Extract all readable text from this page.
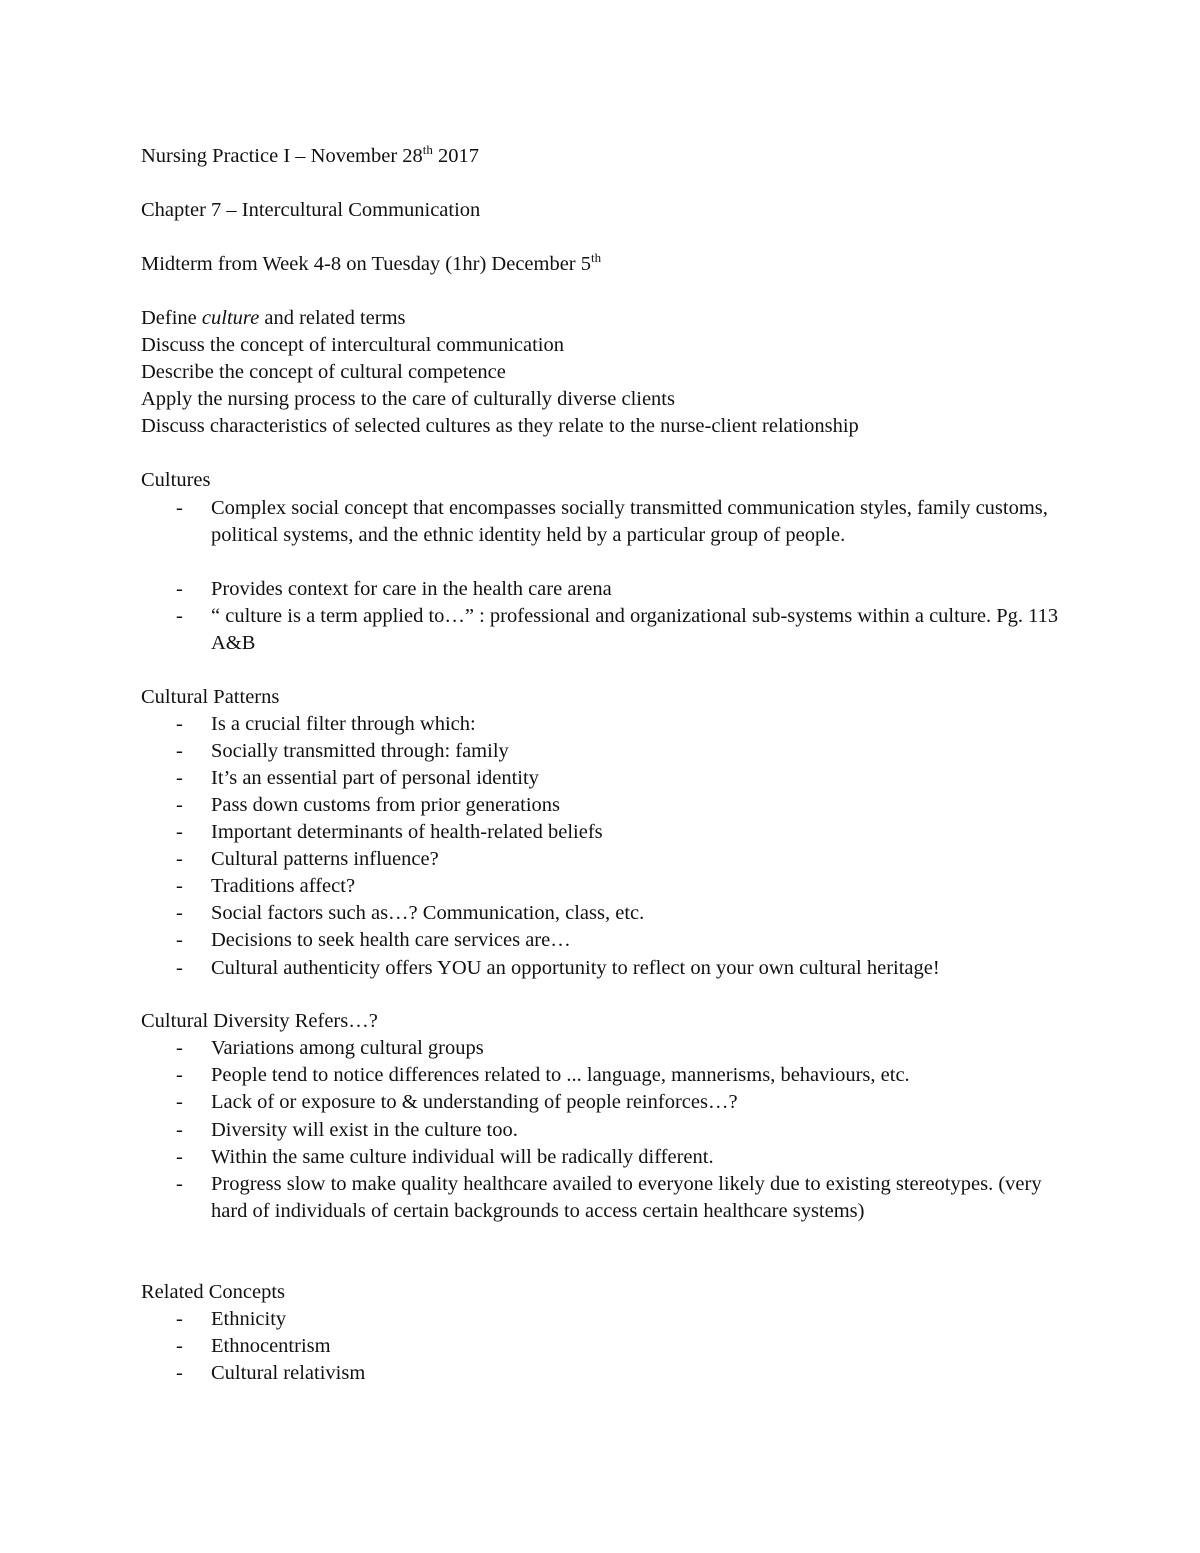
Nursing Practice I – November 28th 2017
Chapter 7 – Intercultural Communication
Midterm from Week 4-8 on Tuesday (1hr) December 5th
Define culture and related terms
Discuss the concept of intercultural communication
Describe the concept of cultural competence
Apply the nursing process to the care of culturally diverse clients
Discuss characteristics of selected cultures as they relate to the nurse-client relationship
Cultures
- Complex social concept that encompasses socially transmitted communication styles, family customs, political systems, and the ethnic identity held by a particular group of people.
- Provides context for care in the health care arena
- “ culture is a term applied to…” : professional and organizational sub-systems within a culture. Pg. 113 A&B
Cultural Patterns
- Is a crucial filter through which:
- Socially transmitted through: family
- It’s an essential part of personal identity
- Pass down customs from prior generations
- Important determinants of health-related beliefs
- Cultural patterns influence?
- Traditions affect?
- Social factors such as…? Communication, class, etc.
- Decisions to seek health care services are…
- Cultural authenticity offers YOU an opportunity to reflect on your own cultural heritage!
Cultural Diversity Refers…?
- Variations among cultural groups
- People tend to notice differences related to ... language, mannerisms, behaviours, etc.
- Lack of or exposure to & understanding of people reinforces…?
- Diversity will exist in the culture too.
- Within the same culture individual will be radically different.
- Progress slow to make quality healthcare availed to everyone likely due to existing stereotypes. (very hard of individuals of certain backgrounds to access certain healthcare systems)
Related Concepts
- Ethnicity
- Ethnocentrism
- Cultural relativism
